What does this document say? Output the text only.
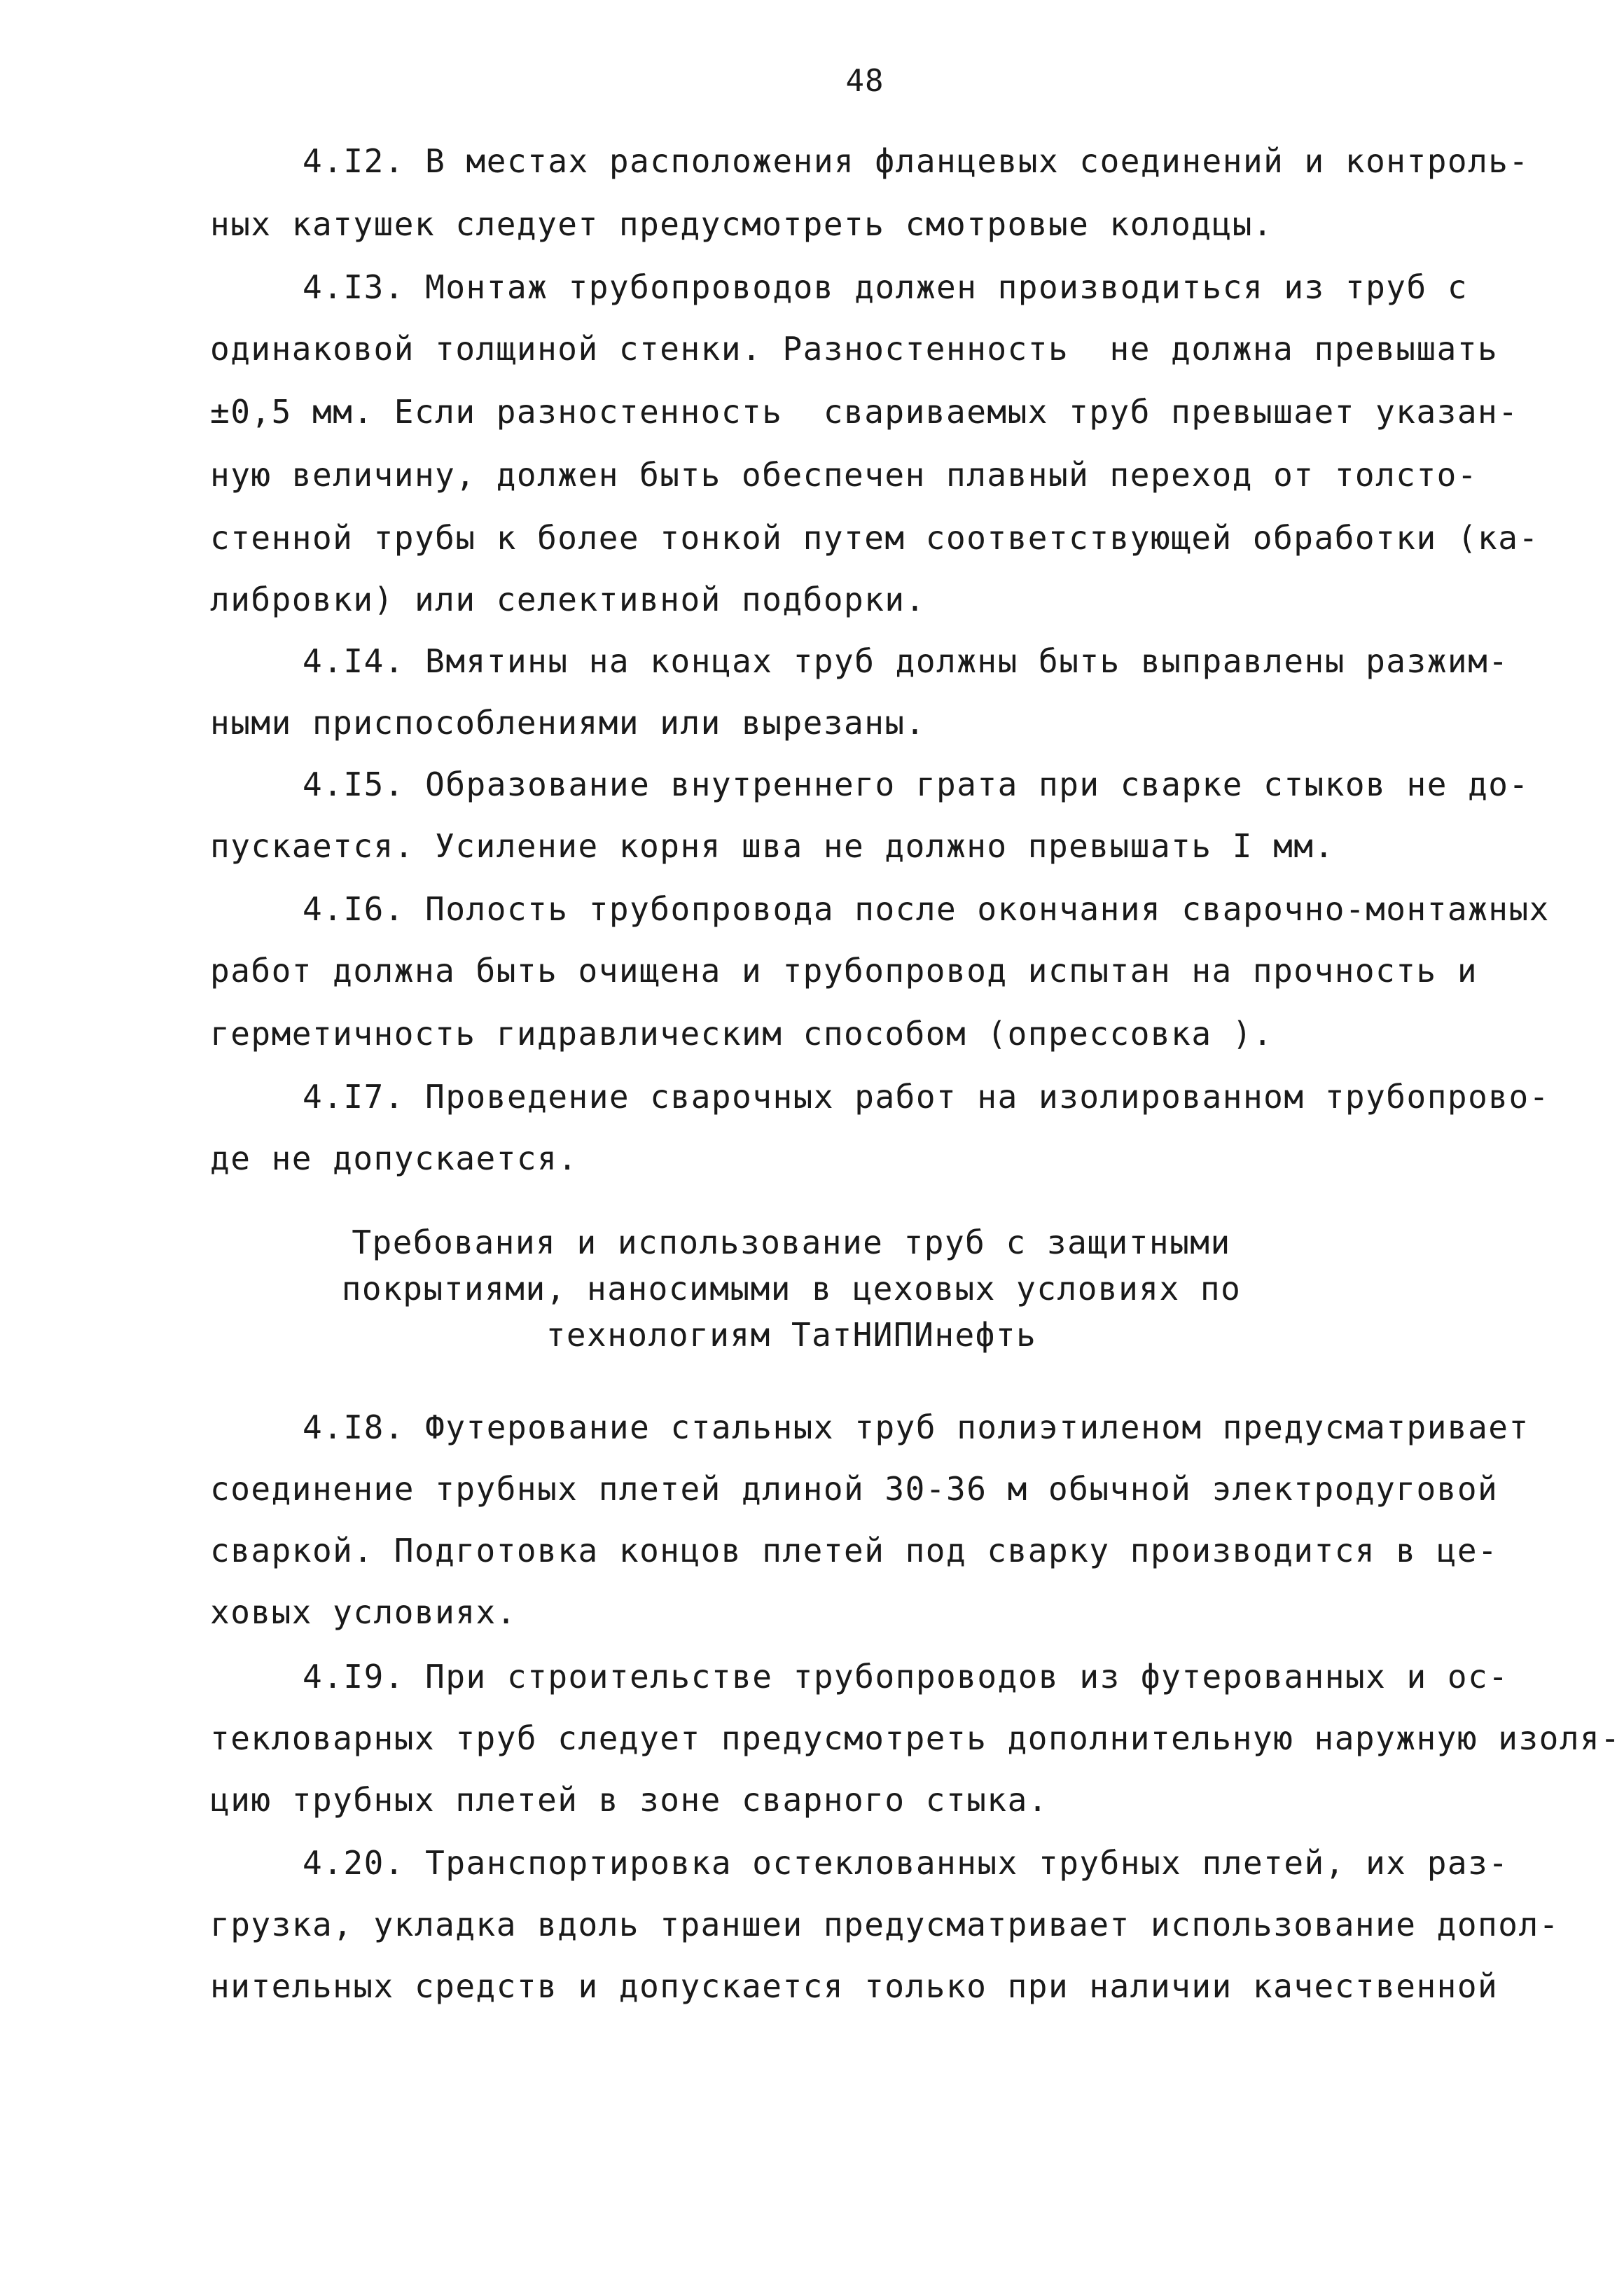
48

4.I2. В местах расположения фланцевых соединений и контроль-

ных катушек следует предусмотреть смотровые колодцы.

4.I3. Монтаж трубопроводов должен производиться из труб с

одинаковой толщиной стенки. Разностенность  не должна превышать

±0,5 мм. Если разностенность  свариваемых труб превышает указан-

ную величину, должен быть обеспечен плавный переход от толсто-

стенной трубы к более тонкой путем соответствующей обработки (ка-

либровки) или селективной подборки.

4.I4. Вмятины на концах труб должны быть выправлены разжим-

ными приспособлениями или вырезаны.

4.I5. Образование внутреннего грата при сварке стыков не до-

пускается. Усиление корня шва не должно превышать I мм.

4.I6. Полость трубопровода после окончания сварочно-монтажных

работ должна быть очищена и трубопровод испытан на прочность и

герметичность гидравлическим способом (опрессовка ).

4.I7. Проведение сварочных работ на изолированном трубопрово-

де не допускается.

Требования и использование труб с защитными
покрытиями, наносимыми в цеховых условиях по
технологиям ТатНИПИнефть

4.I8. Футерование стальных труб полиэтиленом предусматривает

соединение трубных плетей длиной 30-36 м обычной электродуговой

сваркой. Подготовка концов плетей под сварку производится в це-

ховых условиях.

4.I9. При строительстве трубопроводов из футерованных и ос-

текловарных труб следует предусмотреть дополнительную наружную изоля-

цию трубных плетей в зоне сварного стыка.

4.20. Транспортировка остеклованных трубных плетей, их раз-

грузка, укладка вдоль траншеи предусматривает использование допол-

нительных средств и допускается только при наличии качественной
